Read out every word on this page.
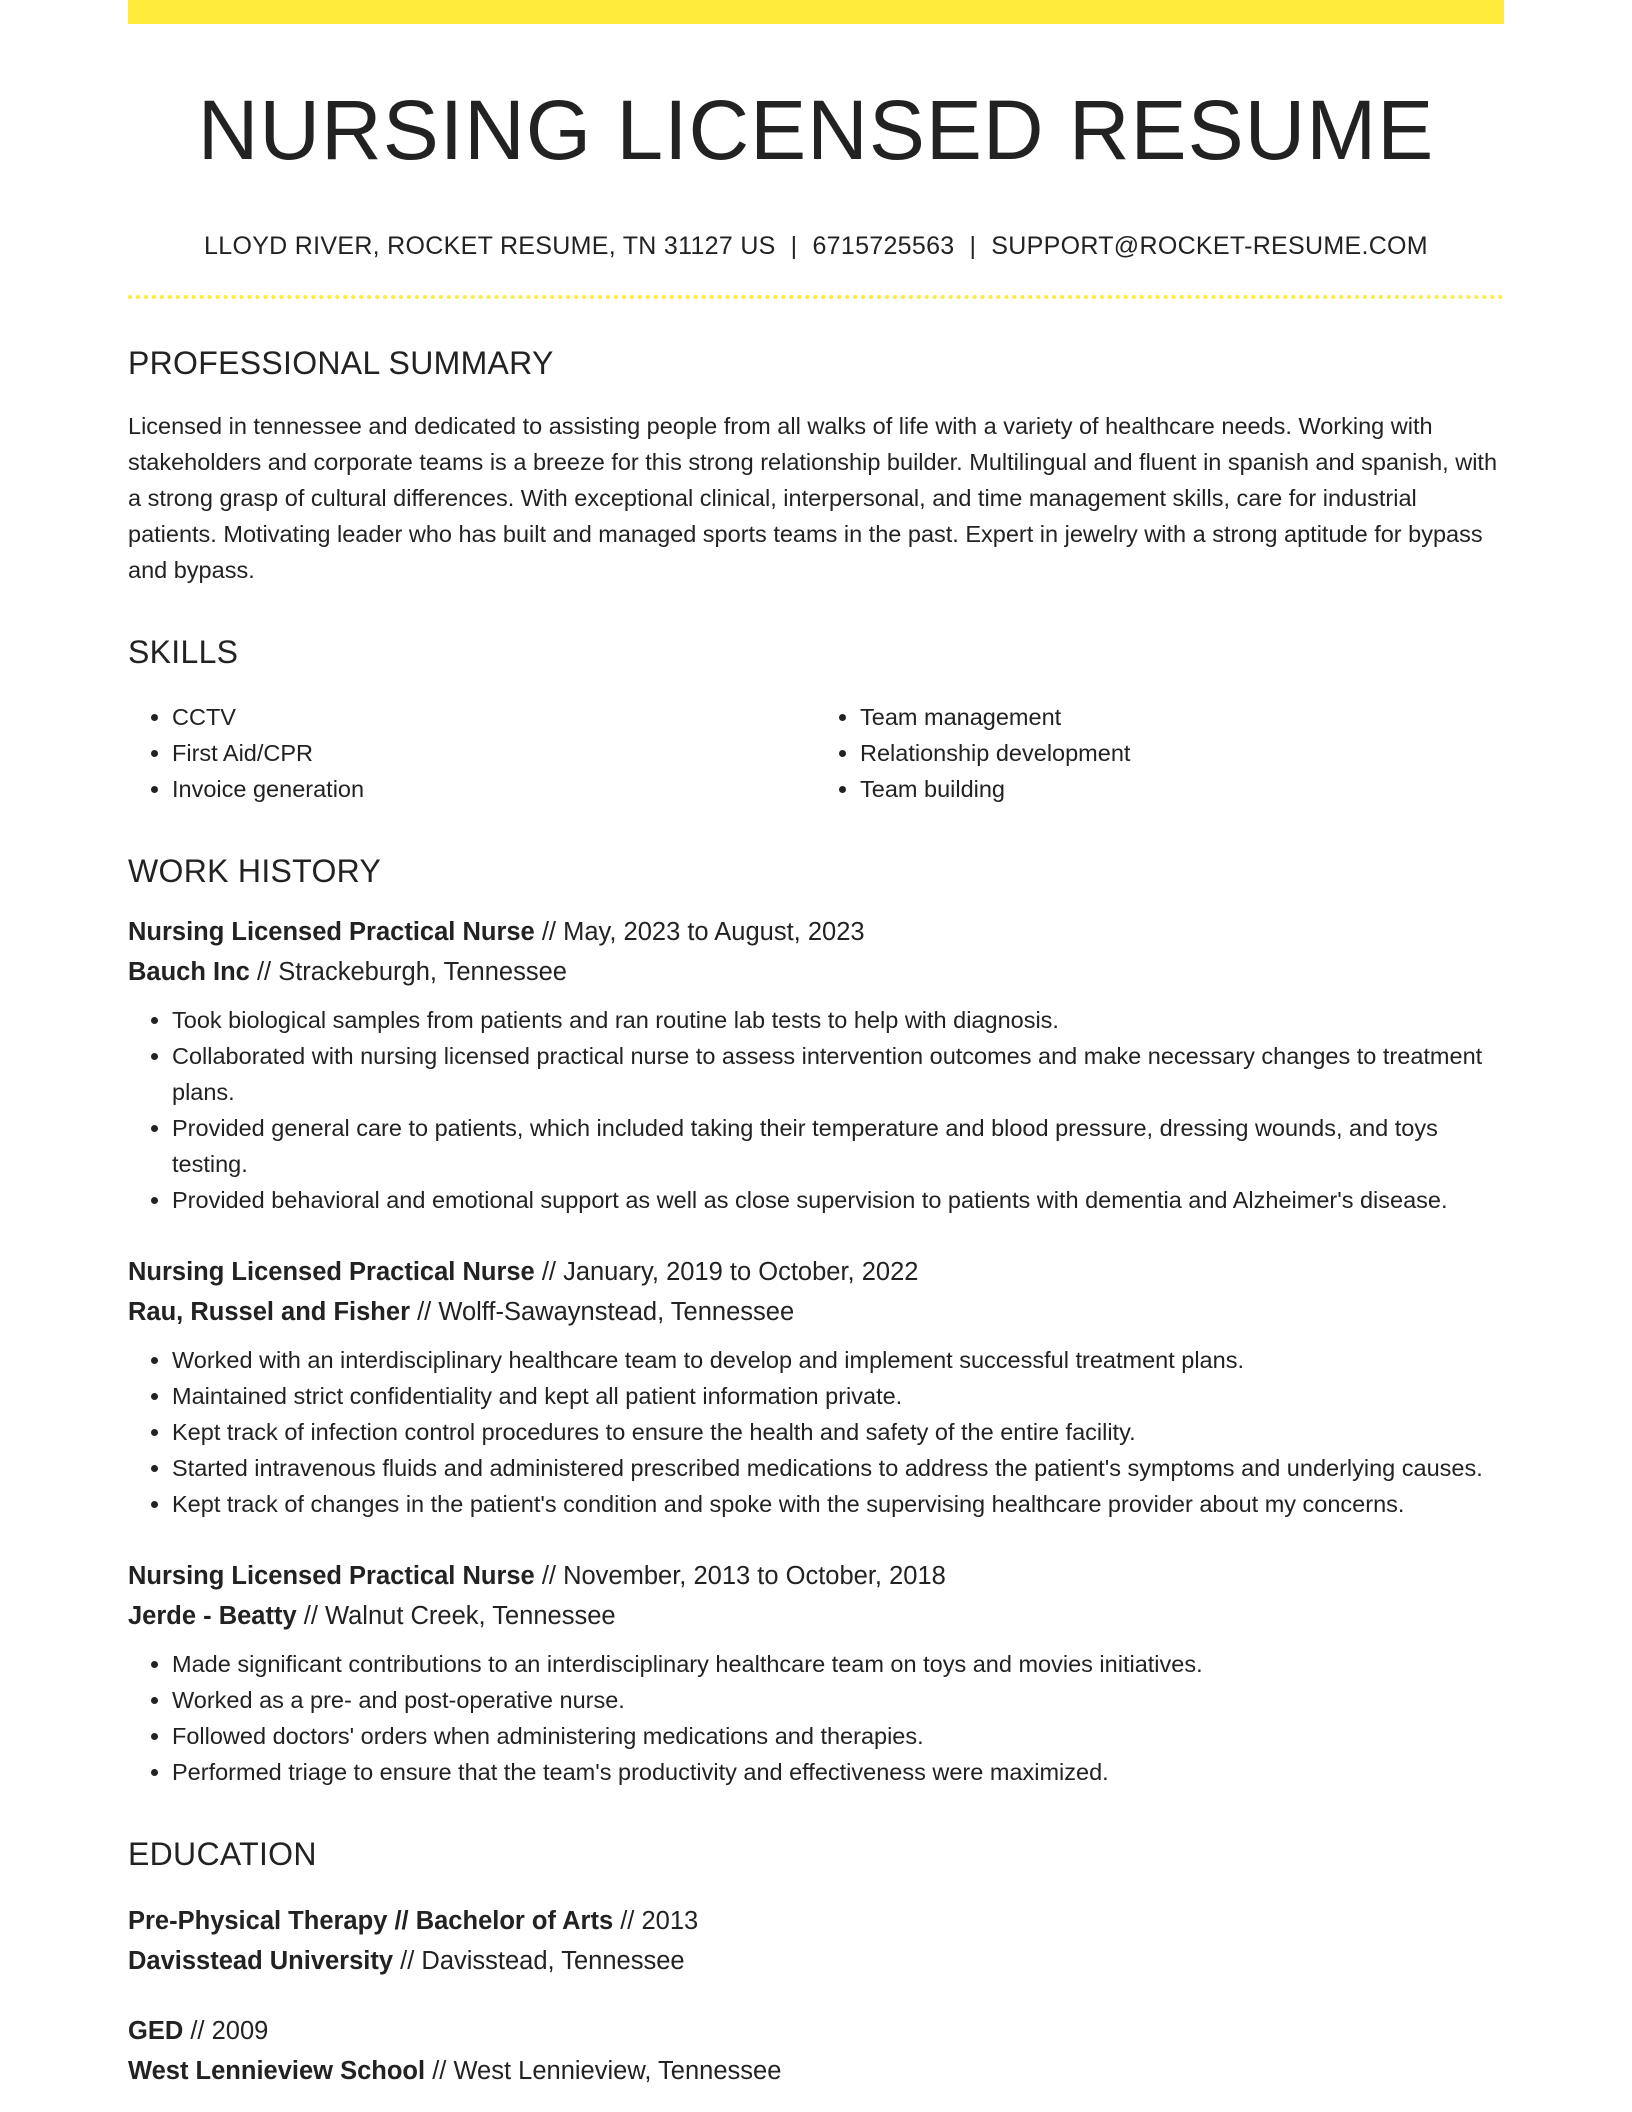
NURSING LICENSED RESUME
LLOYD RIVER, ROCKET RESUME, TN 31127 US | 6715725563 | SUPPORT@ROCKET-RESUME.COM
PROFESSIONAL SUMMARY

Licensed in tennessee and dedicated to assisting people from all walks of life with a variety of healthcare needs. Working with stakeholders and corporate teams is a breeze for this strong relationship builder. Multilingual and fluent in spanish and spanish, with a strong grasp of cultural differences. With exceptional clinical, interpersonal, and time management skills, care for industrial patients. Motivating leader who has built and managed sports teams in the past. Expert in jewelry with a strong aptitude for bypass and bypass.

SKILLS
• CCTV
• First Aid/CPR
• Invoice generation
• Team management
• Relationship development
• Team building
WORK HISTORY
Nursing Licensed Practical Nurse // May, 2023 to August, 2023
Bauch Inc // Strackeburgh, Tennessee
• Took biological samples from patients and ran routine lab tests to help with diagnosis.
• Collaborated with nursing licensed practical nurse to assess intervention outcomes and make necessary changes to treatment plans.
• Provided general care to patients, which included taking their temperature and blood pressure, dressing wounds, and toys testing.
• Provided behavioral and emotional support as well as close supervision to patients with dementia and Alzheimer's disease.
Nursing Licensed Practical Nurse // January, 2019 to October, 2022
Rau, Russel and Fisher // Wolff-Sawaynstead, Tennessee
• Worked with an interdisciplinary healthcare team to develop and implement successful treatment plans.
• Maintained strict confidentiality and kept all patient information private.
• Kept track of infection control procedures to ensure the health and safety of the entire facility.
• Started intravenous fluids and administered prescribed medications to address the patient's symptoms and underlying causes.
• Kept track of changes in the patient's condition and spoke with the supervising healthcare provider about my concerns.
Nursing Licensed Practical Nurse // November, 2013 to October, 2018
Jerde - Beatty // Walnut Creek, Tennessee
• Made significant contributions to an interdisciplinary healthcare team on toys and movies initiatives.
• Worked as a pre- and post-operative nurse.
• Followed doctors' orders when administering medications and therapies.
• Performed triage to ensure that the team's productivity and effectiveness were maximized.
EDUCATION
Pre-Physical Therapy // Bachelor of Arts // 2013
Davisstead University // Davisstead, Tennessee
GED // 2009
West Lennieview School // West Lennieview, Tennessee
